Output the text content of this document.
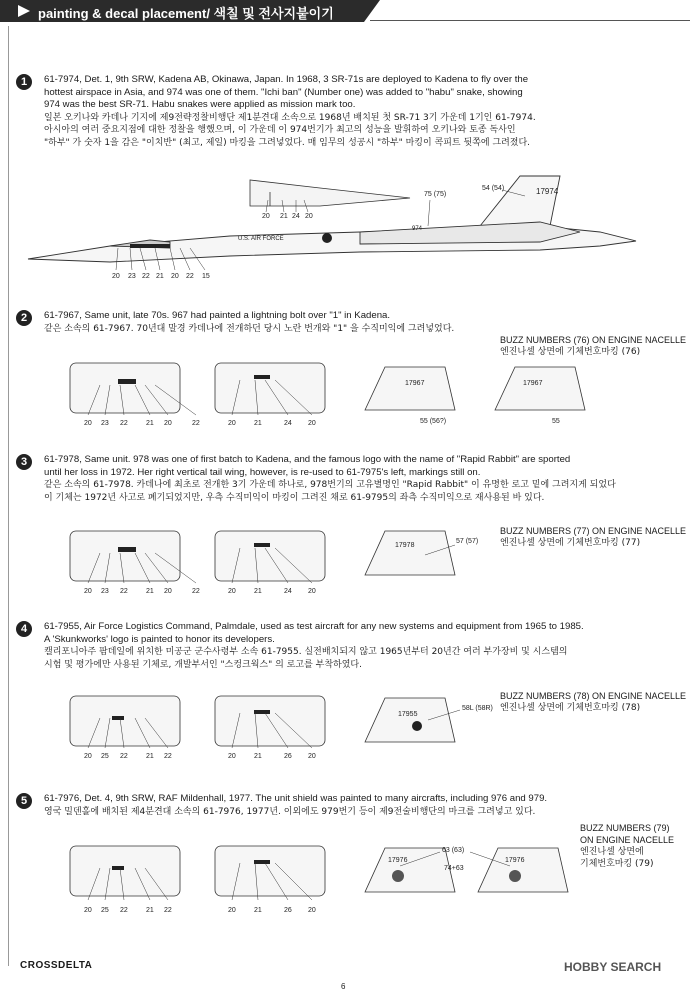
painting & decal placement/ 색칠 및 전사지붙이기
1	61-7974, Det. 1, 9th SRW, Kadena AB, Okinawa, Japan. In 1968, 3 SR-71s are deployed to Kadena to fly over the

hottest airspace in Asia, and 974 was one of them. "Ichi ban" (Number one) was added to "habu" snake, showing

974 was the best SR-71. Habu snakes were applied as mission mark too.

일본 오키나와 카데나 기지에 제9전략정찰비행단 제1분견대 소속으로 1968년 배치된 첫 SR-71 3기 가운데 1기인 61-7974.

아시아의 여러 중요지점에 대한 정찰을 행했으며, 이 가운데 이 974번기가 최고의 성능을 발휘하여 오키나와 토종 독사인

"하부" 가 숫자 1을 감은 "이치반" (최고, 제일) 마킹을 그려넣었다. 매 임무의 성공시 "하부" 마킹이 콕피트 뒷쪽에 그려졌다.

20 21 24 20
U.S. AIR FORCE
974
17974
75 (75)
54 (54)
20 23 22 21 20 22 15
2	61-7967, Same unit, late 70s. 967 had painted a lightning bolt over "1" in Kadena.

같은 소속의 61-7967. 70년대 말경 카데나에 전개하던 당시 노란 번개와 "1" 을 수직미익에 그려넣었다.

BUZZ NUMBERS (76) ON ENGINE NACELLE
엔진나셀 상면에 기체번호마킹 (76)
17967	17967
55 (56?)	55
20 23 22	21 20	22	20	21	24 20
3	61-7978, Same unit. 978 was one of first batch to Kadena, and the famous logo with the name of "Rapid Rabbit" are sported

until her loss in 1972. Her right vertical tail wing, however, is re-used to 61-7975's left, markings still on.

같은 소속의 61-7978. 카데나에 최초로 전개한 3기 가운데 하나로, 978번기의 고유별명인 "Rapid Rabbit" 이 유명한 로고 밑에 그려지게 되었다

이 기체는 1972년 사고로 폐기되었지만, 우측 수직미익이 마킹이 그려진 채로 61-9795의 좌측 수직미익으로 재사용된 바 있다.

BUZZ NUMBERS (77) ON ENGINE NACELLE
엔진나셀 상면에 기체번호마킹 (77)
17978
57 (57)
20 23 22	21 20	22	20	21	24 20
4	61-7955, Air Force Logistics Command, Palmdale, used as test aircraft for any new systems and equipment from 1965 to 1985.

A 'Skunkworks' logo is painted to honor its developers.

캘리포니아주 팜데일에 위치한 미공군 군수사령부 소속 61-7955. 실전배치되지 않고 1965년부터 20년간 여러 부가장비 및 시스템의

시험 및 평가에만 사용된 기체로, 개발부서인 "스컹크웍스" 의 로고를 부착하였다.

BUZZ NUMBERS (78) ON ENGINE NACELLE
엔진나셀 상면에 기체번호마킹 (78)
17955
58L (58R)
20 25 22	21 22	20	21	26 20
5	61-7976, Det. 4, 9th SRW, RAF Mildenhall, 1977. The unit shield was painted to many aircrafts, including 976 and 979.

영국 밀덴홀에 배치된 제4분견대 소속의 61-7976, 1977년. 이외에도 979번기 등이 제9전술비행단의 마크를 그려넣고 있다.

BUZZ NUMBERS (79)
ON ENGINE NACELLE
엔진나셀 상면에
기체번호마킹 (79)
17976	17976
63 (63)
74+63
20 25 22	21 22	20	21	26 20
CROSSDELTA	HOBBY SEARCH
6
